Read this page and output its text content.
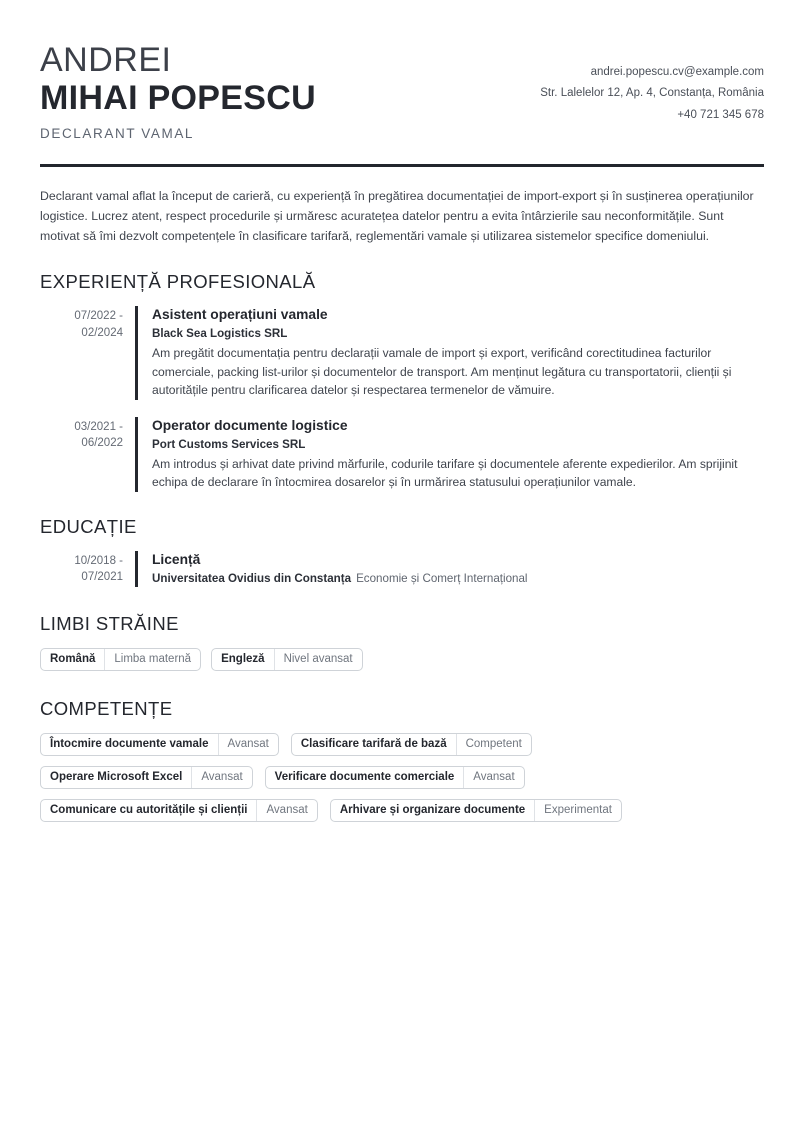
ANDREI
MIHAI POPESCU
DECLARANT VAMAL
andrei.popescu.cv@example.com
Str. Lalelelor 12, Ap. 4, Constanța, România
+40 721 345 678
Declarant vamal aflat la început de carieră, cu experiență în pregătirea documentației de import-export și în susținerea operațiunilor logistice. Lucrez atent, respect procedurile și urmăresc acuratețea datelor pentru a evita întârzierile sau neconformitățile. Sunt motivat să îmi dezvolt competențele în clasificare tarifară, reglementări vamale și utilizarea sistemelor specifice domeniului.
EXPERIENȚĂ PROFESIONALĂ
07/2022 -
02/2024
Asistent operațiuni vamale
Black Sea Logistics SRL
Am pregătit documentația pentru declarații vamale de import și export, verificând corectitudinea facturilor comerciale, packing list-urilor și documentelor de transport. Am menținut legătura cu transportatorii, clienții și autoritățile pentru clarificarea datelor și respectarea termenelor de vămuire.
03/2021 -
06/2022
Operator documente logistice
Port Customs Services SRL
Am introdus și arhivat date privind mărfurile, codurile tarifare și documentele aferente expedierilor. Am sprijinit echipa de declarare în întocmirea dosarelor și în urmărirea statusului operațiunilor vamale.
EDUCAȚIE
10/2018 -
07/2021
Licență
Universitatea Ovidius din Constanța Economie și Comerț Internațional
LIMBI STRĂINE
Română	Limba maternă	Engleză	Nivel avansat
COMPETENȚE
Întocmire documente vamale	Avansat	Clasificare tarifară de bază	Competent
Operare Microsoft Excel	Avansat	Verificare documente comerciale	Avansat
Comunicare cu autoritățile și clienții	Avansat	Arhivare și organizare documente	Experimentat
